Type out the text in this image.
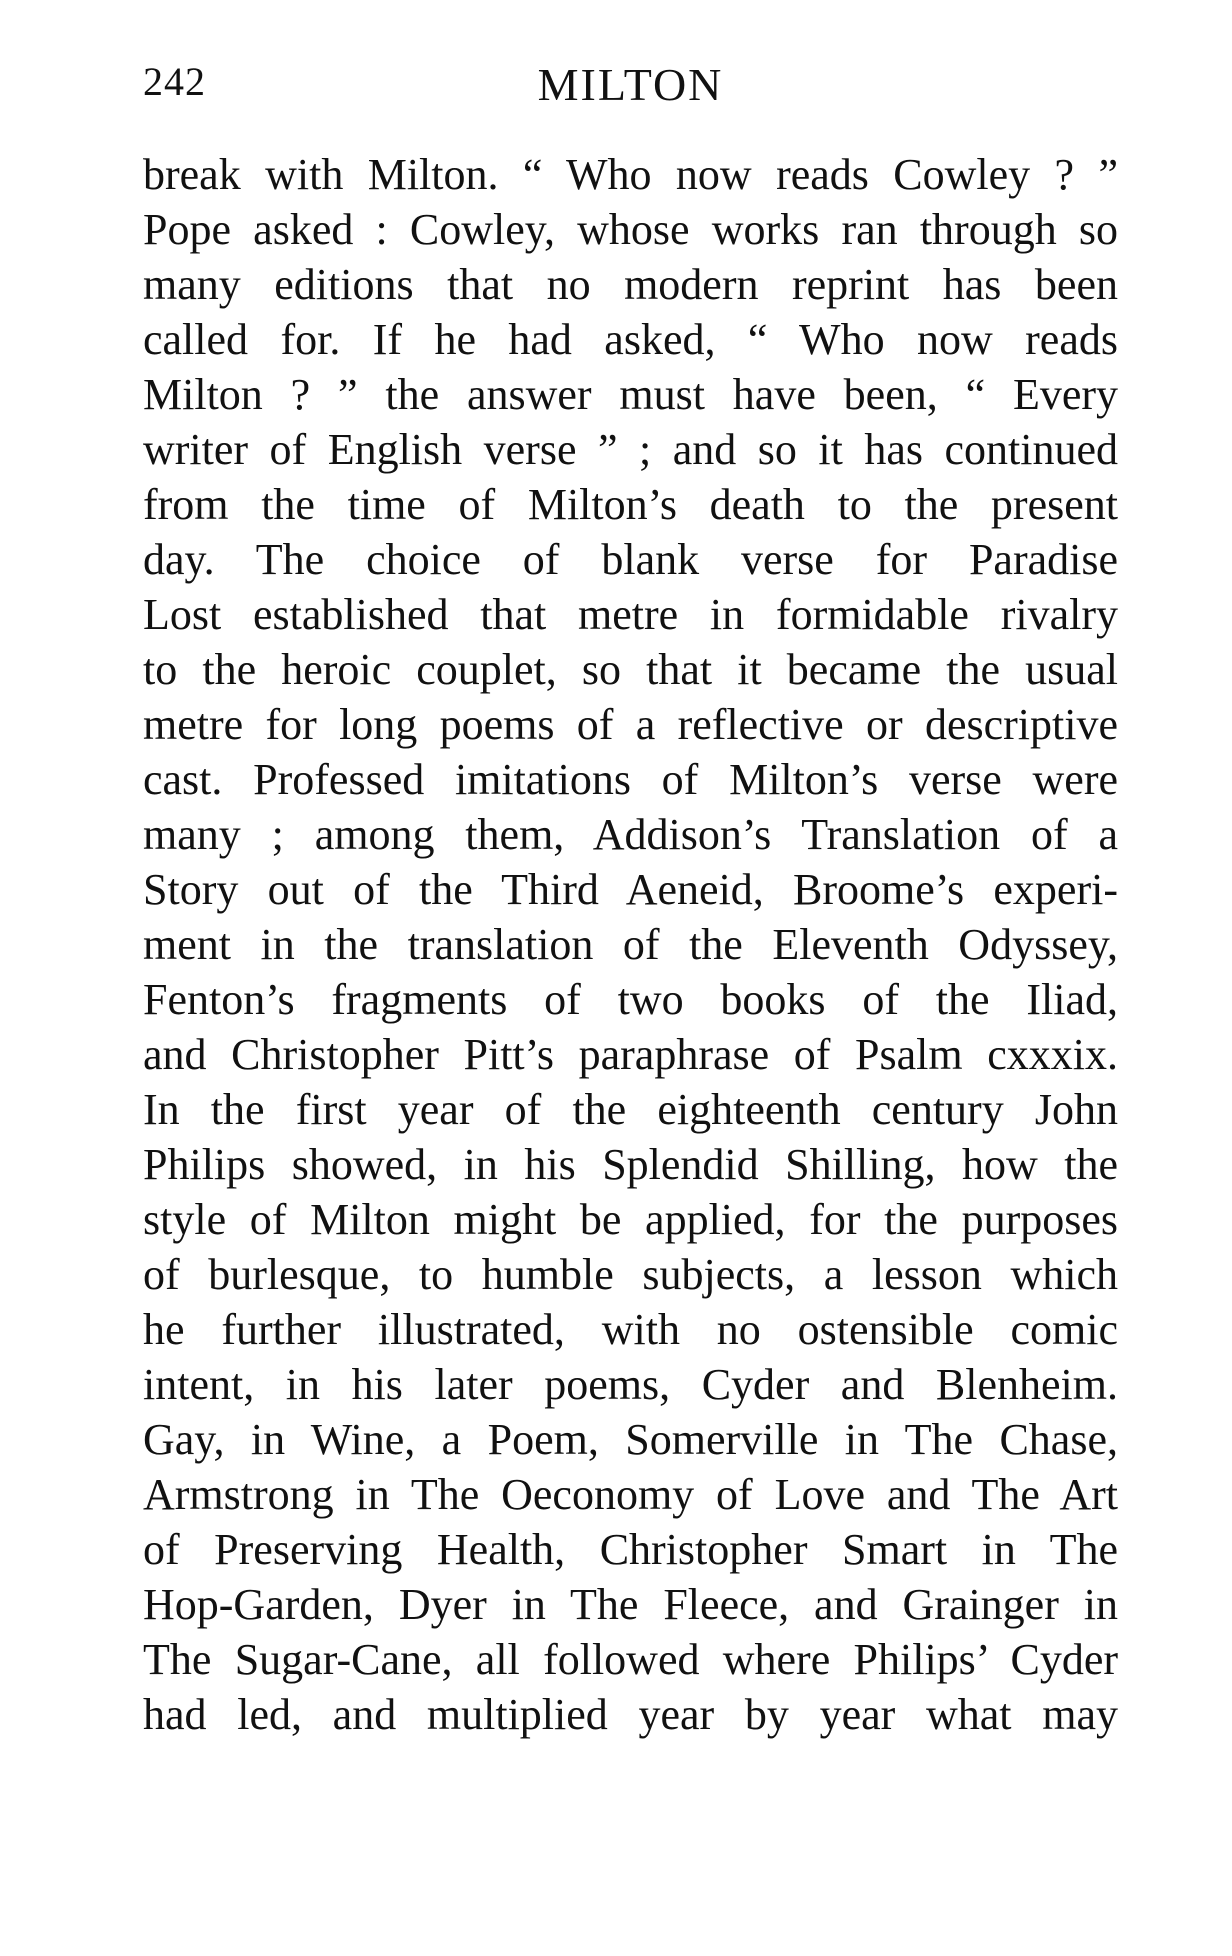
242	MILTON
break with Milton. “ Who now reads Cowley ? ”
Pope asked : Cowley, whose works ran through so
many editions that no modern reprint has been
called for. If he had asked, “ Who now reads
Milton ? ” the answer must have been, “ Every
writer of English verse ” ; and so it has continued
from the time of Milton’s death to the present
day. The choice of blank verse for Paradise
Lost established that metre in formidable rivalry
to the heroic couplet, so that it became the usual
metre for long poems of a reflective or descriptive
cast. Professed imitations of Milton’s verse were
many ; among them, Addison’s Translation of a
Story out of the Third Aeneid, Broome’s experi-
ment in the translation of the Eleventh Odyssey,
Fenton’s fragments of two books of the Iliad,
and Christopher Pitt’s paraphrase of Psalm cxxxix.
In the first year of the eighteenth century John
Philips showed, in his Splendid Shilling, how the
style of Milton might be applied, for the purposes
of burlesque, to humble subjects, a lesson which
he further illustrated, with no ostensible comic
intent, in his later poems, Cyder and Blenheim.
Gay, in Wine, a Poem, Somerville in The Chase,
Armstrong in The Oeconomy of Love and The Art
of Preserving Health, Christopher Smart in The
Hop-Garden, Dyer in The Fleece, and Grainger in
The Sugar-Cane, all followed where Philips’ Cyder
had led, and multiplied year by year what may
